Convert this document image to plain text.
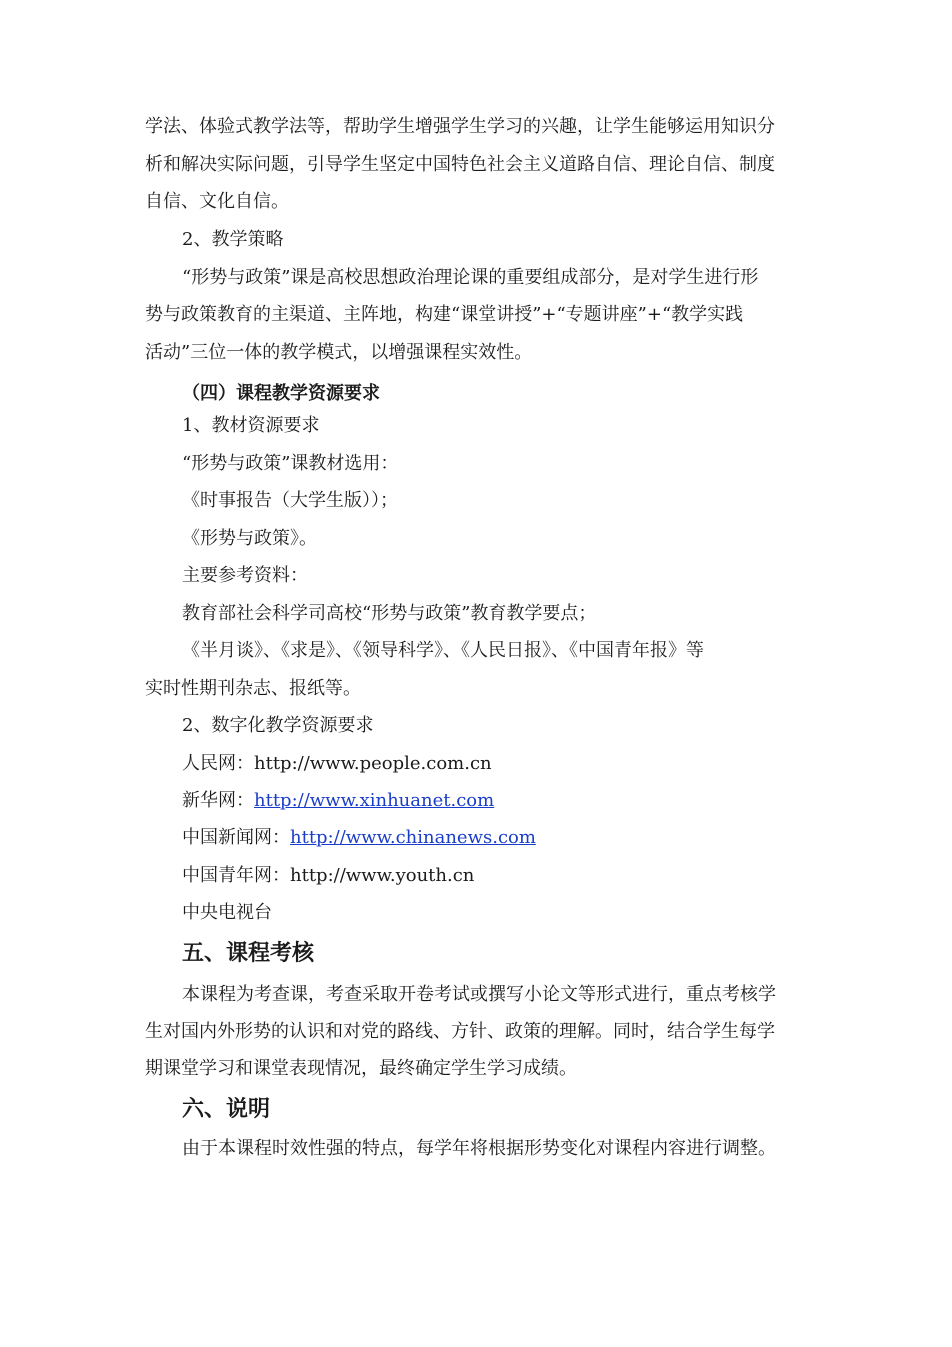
学法、体验式教学法等，帮助学生增强学生学习的兴趣，让学生能够运用知识分

析和解决实际问题，引导学生坚定中国特色社会主义道路自信、理论自信、制度

自信、文化自信。

2、教学策略

“形势与政策”课是高校思想政治理论课的重要组成部分，是对学生进行形

势与政策教育的主渠道、主阵地，构建“课堂讲授”+“专题讲座”+“教学实践

活动”三位一体的教学模式，以增强课程实效性。

（四）课程教学资源要求

1、教材资源要求

“形势与政策”课教材选用：

《时事报告（大学生版））；

《形势与政策》。

主要参考资料：

教育部社会科学司高校“形势与政策”教育教学要点；

《半月谈》、《求是》、《领导科学》、《人民日报》、《中国青年报》等

实时性期刊杂志、报纸等。

2、数字化教学资源要求

人民网：http://www.people.com.cn

新华网：http://www.xinhuanet.com

中国新闻网：http://www.chinanews.com

中国青年网：http://www.youth.cn

中央电视台

五、课程考核

本课程为考查课，考查采取开卷考试或撰写小论文等形式进行，重点考核学

生对国内外形势的认识和对党的路线、方针、政策的理解。同时，结合学生每学

期课堂学习和课堂表现情况，最终确定学生学习成绩。

六、说明

由于本课程时效性强的特点，每学年将根据形势变化对课程内容进行调整。
